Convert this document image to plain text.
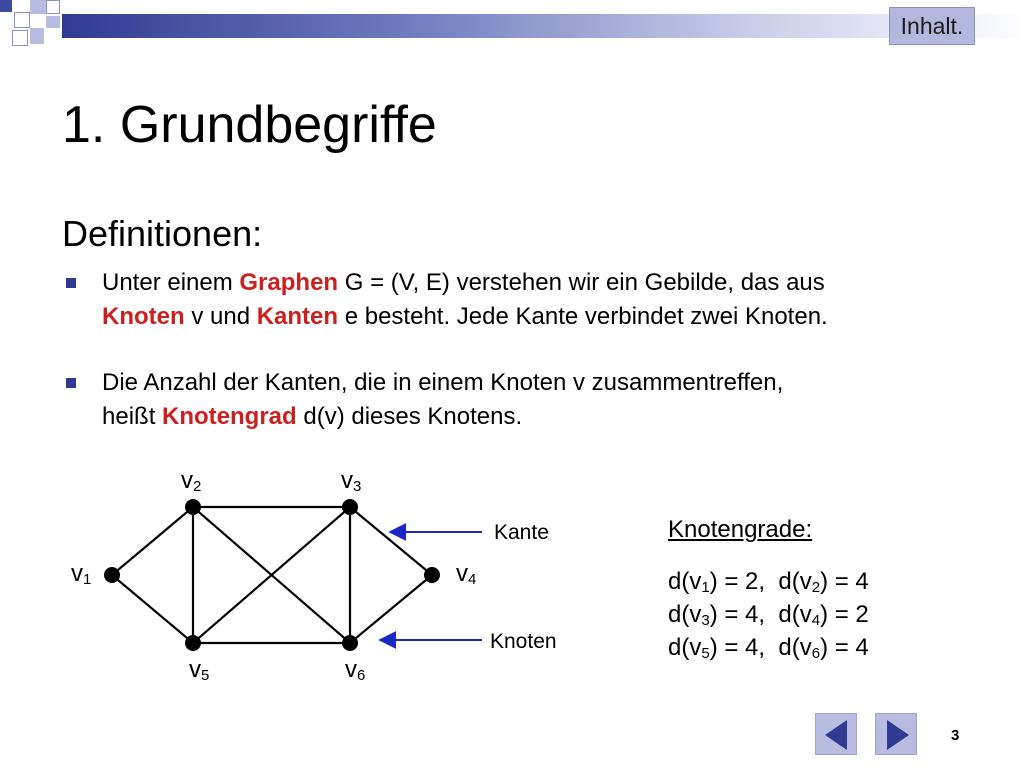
Inhalt.
1. Grundbegriffe
Definitionen:
Unter einem Graphen G = (V, E) verstehen wir ein Gebilde, das aus
Knoten v und Kanten e besteht. Jede Kante verbindet zwei Knoten.
Die Anzahl der Kanten, die in einem Knoten v zusammentreffen,
heißt Knotengrad d(v) dieses Knotens.
$v_1$
$v_2$	$v_3$
$v_4$
$v_5$	$v_6$
Kante
Knoten
Knotengrade:
$d(v_1) = 2$,  $d(v_2) = 4$
$d(v_3) = 4$,  $d(v_4) = 2$
$d(v_5) = 4$,  $d(v_6) = 4$
3
